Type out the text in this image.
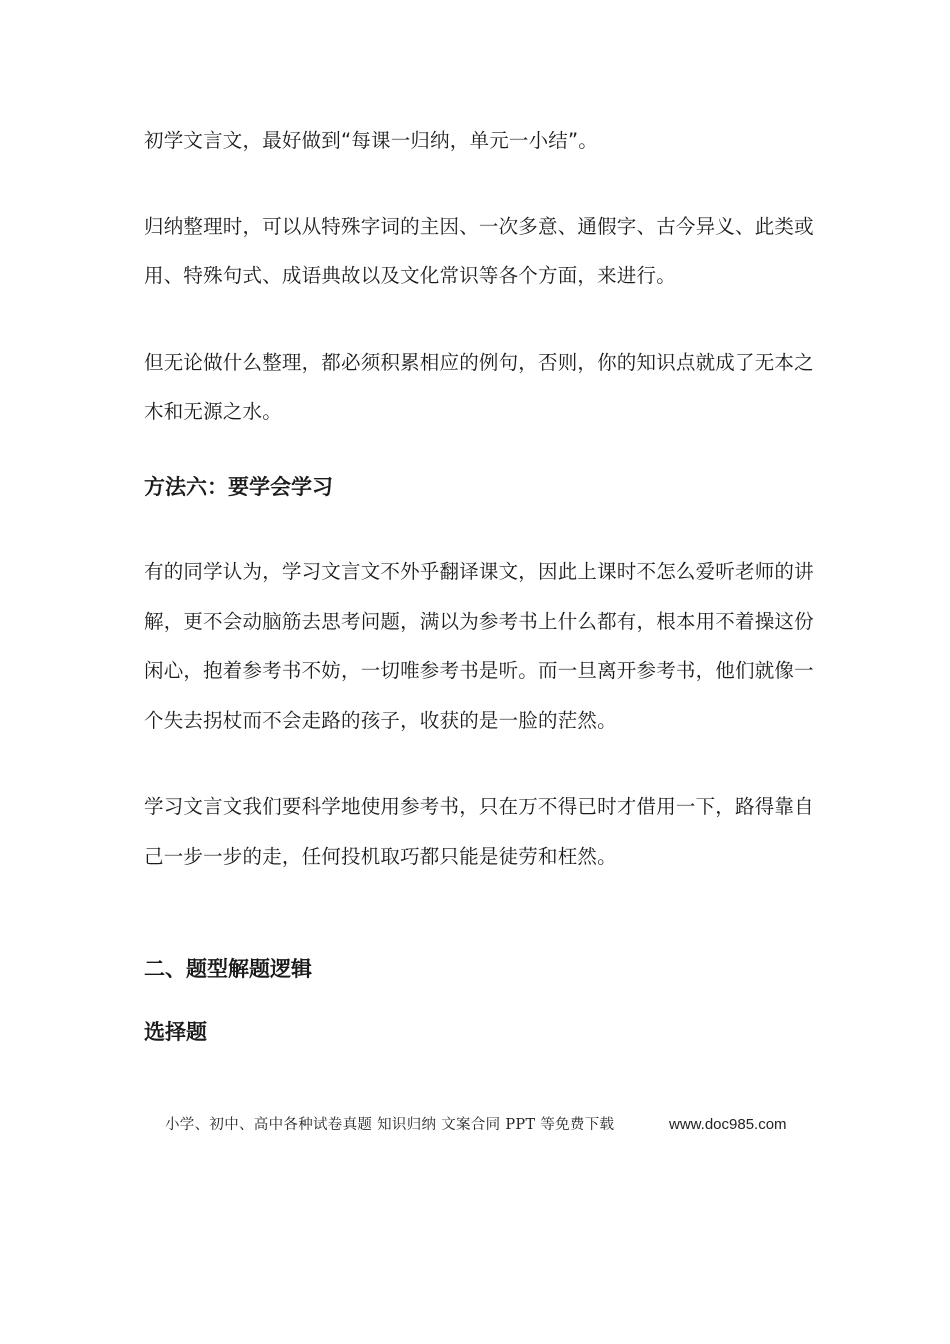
初学文言文，最好做到“每课一归纳，单元一小结”。
归纳整理时，可以从特殊字词的主因、一次多意、通假字、古今异义、此类或
用、特殊句式、成语典故以及文化常识等各个方面，来进行。
但无论做什么整理，都必须积累相应的例句，否则，你的知识点就成了无本之
木和无源之水。
方法六：要学会学习
有的同学认为，学习文言文不外乎翻译课文，因此上课时不怎么爱听老师的讲
解，更不会动脑筋去思考问题，满以为参考书上什么都有，根本用不着操这份
闲心，抱着参考书不妨，一切唯参考书是听。而一旦离开参考书，他们就像一
个失去拐杖而不会走路的孩子，收获的是一脸的茫然。
学习文言文我们要科学地使用参考书，只在万不得已时才借用一下，路得靠自
己一步一步的走，任何投机取巧都只能是徒劳和枉然。
二、题型解题逻辑
选择题
小学、初中、高中各种试卷真题 知识归纳 文案合同 PPT 等免费下载	www.doc985.com
